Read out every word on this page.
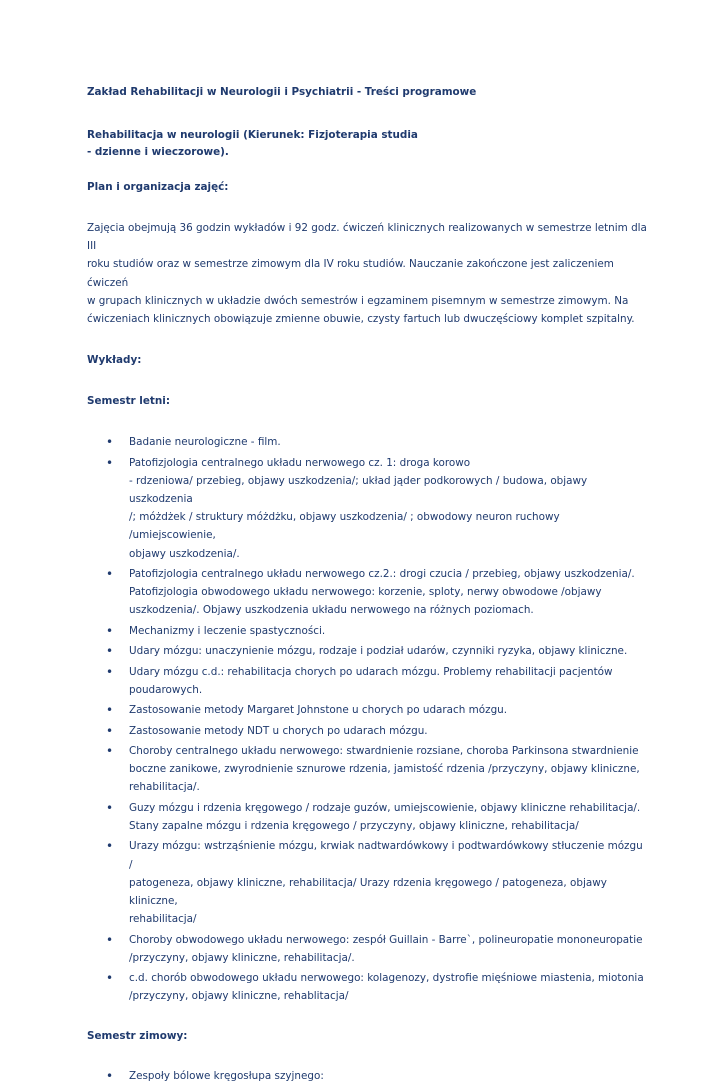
Zakład Rehabilitacji w Neurologii i Psychiatrii - Treści programowe

Rehabilitacja w neurologii (Kierunek: Fizjoterapia studia
- dzienne i wieczorowe).

Plan i organizacja zajęć:

Zajęcia obejmują 36 godzin wykładów i 92 godz. ćwiczeń klinicznych realizowanych w semestrze letnim dla III
roku studiów oraz w semestrze zimowym dla IV roku studiów. Nauczanie zakończone jest zaliczeniem ćwiczeń
w grupach klinicznych w układzie dwóch semestrów i egzaminem pisemnym w semestrze zimowym. Na
ćwiczeniach klinicznych obowiązuje zmienne obuwie, czysty fartuch lub dwuczęściowy komplet szpitalny.

Wykłady:

Semestr letni:

• Badanie neurologiczne - film.
• Patofizjologia centralnego układu nerwowego cz. 1: droga korowo
- rdzeniowa/ przebieg, objawy uszkodzenia/; układ jąder podkorowych / budowa, objawy uszkodzenia
/; móżdżek / struktury móżdżku, objawy uszkodzenia/ ; obwodowy neuron ruchowy /umiejscowienie,
objawy uszkodzenia/.
• Patofizjologia centralnego układu nerwowego cz.2.: drogi czucia / przebieg, objawy uszkodzenia/.
Patofizjologia obwodowego układu nerwowego: korzenie, sploty, nerwy obwodowe /objawy
uszkodzenia/. Objawy uszkodzenia układu nerwowego na różnych poziomach.
• Mechanizmy i leczenie spastyczności.
• Udary mózgu: unaczynienie mózgu, rodzaje i podział udarów, czynniki ryzyka, objawy kliniczne.
• Udary mózgu c.d.: rehabilitacja chorych po udarach mózgu. Problemy rehabilitacji pacjentów
poudarowych.
• Zastosowanie metody Margaret Johnstone u chorych po udarach mózgu.
• Zastosowanie metody NDT u chorych po udarach mózgu.
• Choroby centralnego układu nerwowego: stwardnienie rozsiane, choroba Parkinsona stwardnienie
boczne zanikowe, zwyrodnienie sznurowe rdzenia, jamistość rdzenia /przyczyny, objawy kliniczne,
rehabilitacja/.
• Guzy mózgu i rdzenia kręgowego / rodzaje guzów, umiejscowienie, objawy kliniczne rehabilitacja/.
Stany zapalne mózgu i rdzenia kręgowego / przyczyny, objawy kliniczne, rehabilitacja/
• Urazy mózgu: wstrząśnienie mózgu, krwiak nadtwardówkowy i podtwardówkowy stłuczenie mózgu /
patogeneza, objawy kliniczne, rehabilitacja/ Urazy rdzenia kręgowego / patogeneza, objawy kliniczne,
rehabilitacja/
• Choroby obwodowego układu nerwowego: zespół Guillain - Barre`, polineuropatie mononeuropatie
/przyczyny, objawy kliniczne, rehabilitacja/.
• c.d. chorób obwodowego układu nerwowego: kolagenozy, dystrofie mięśniowe miastenia, miotonia
/przyczyny, objawy kliniczne, rehablitacja/

Semestr zimowy:

• Zespoły bólowe kręgosłupa szyjnego:
